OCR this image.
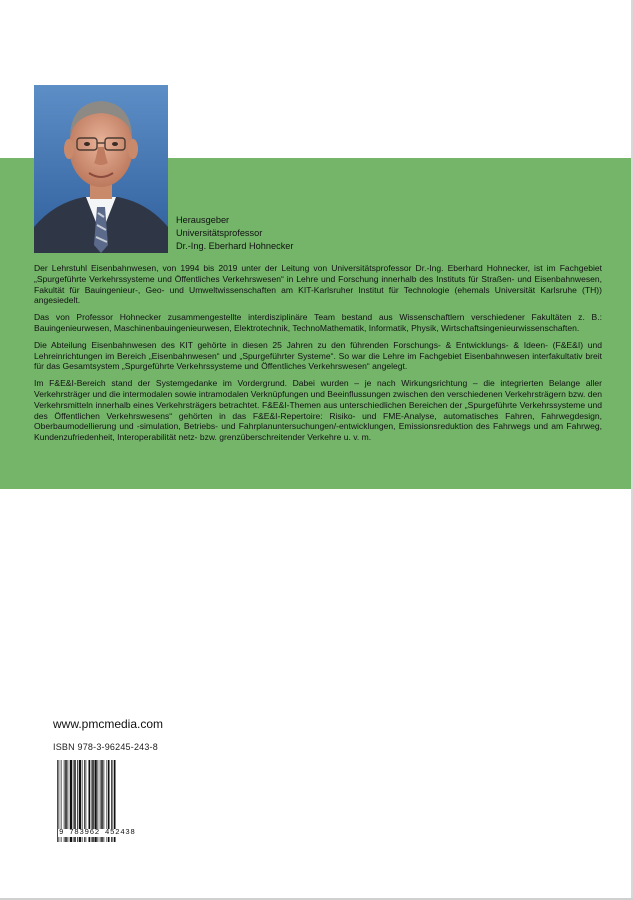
Herausgeber
Universitätsprofessor
Dr.-Ing. Eberhard Hohnecker

Der Lehrstuhl Eisenbahnwesen, von 1994 bis 2019 unter der Leitung von Universitätsprofessor Dr.-Ing. Eberhard Hohnecker, ist im Fachgebiet „Spurgeführte Verkehrssysteme und Öffentliches Verkehrswesen“ in Lehre und Forschung innerhalb des Instituts für Straßen- und Eisenbahnwesen, Fakultät für Bauingenieur-, Geo- und Umweltwissenschaften am KIT-Karlsruher Institut für Technologie (ehemals Universität Karlsruhe (TH)) angesiedelt.

Das von Professor Hohnecker zusammengestellte interdisziplinäre Team bestand aus Wissenschaftlern verschiedener Fakultäten z. B.: Bauingenieurwesen, Maschinenbauingenieurwesen, Elektrotechnik, TechnoMathematik, Informatik, Physik, Wirtschaftsingenieurwissenschaften.

Die Abteilung Eisenbahnwesen des KIT gehörte in diesen 25 Jahren zu den führenden Forschungs- & Entwicklungs- & Ideen- (F&E&I) und Lehreinrichtungen im Bereich „Eisenbahnwesen“ und „Spurgeführter Systeme“. So war die Lehre im Fachgebiet Eisenbahnwesen interfakultativ breit für das Gesamtsystem „Spurgeführte Verkehrssysteme und Öffentliches Verkehrswesen“ angelegt.

Im F&E&I-Bereich stand der Systemgedanke im Vordergrund. Dabei wurden – je nach Wirkungsrichtung – die integrierten Belange aller Verkehrsträger und die intermodalen sowie intramodalen Verknüpfungen und Beeinflussungen zwischen den verschiedenen Verkehrsträgern bzw. den Verkehrsmitteln innerhalb eines Verkehrsträgers betrachtet. F&E&I-Themen aus unterschiedlichen Bereichen der „Spurgeführte Verkehrssysteme und des Öffentlichen Verkehrswesens“ gehörten in das F&E&I-Repertoire: Risiko- und FME-Analyse, automatisches Fahren, Fahrwegdesign, Oberbaumodellierung und -simulation, Betriebs- und Fahrplanuntersuchungen/-entwicklungen, Emissionsreduktion des Fahrwegs und am Fahrweg, Kundenzufriedenheit, Interoperabilität netz- bzw. grenzüberschreitender Verkehre u. v. m.

www.pmcmedia.com
ISBN 978-3-96245-243-8
9 783962 452438
